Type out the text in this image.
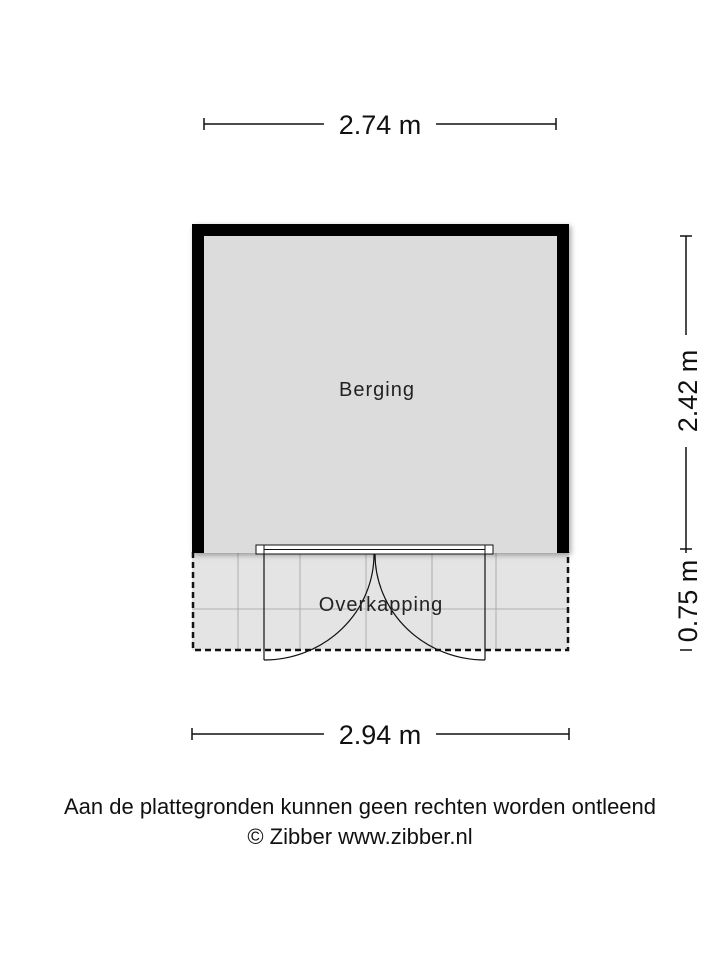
2.74 m
Berging
Overkapping
2.42 m
0.75 m
2.94 m
Aan de plattegronden kunnen geen rechten worden ontleend
© Zibber www.zibber.nl
